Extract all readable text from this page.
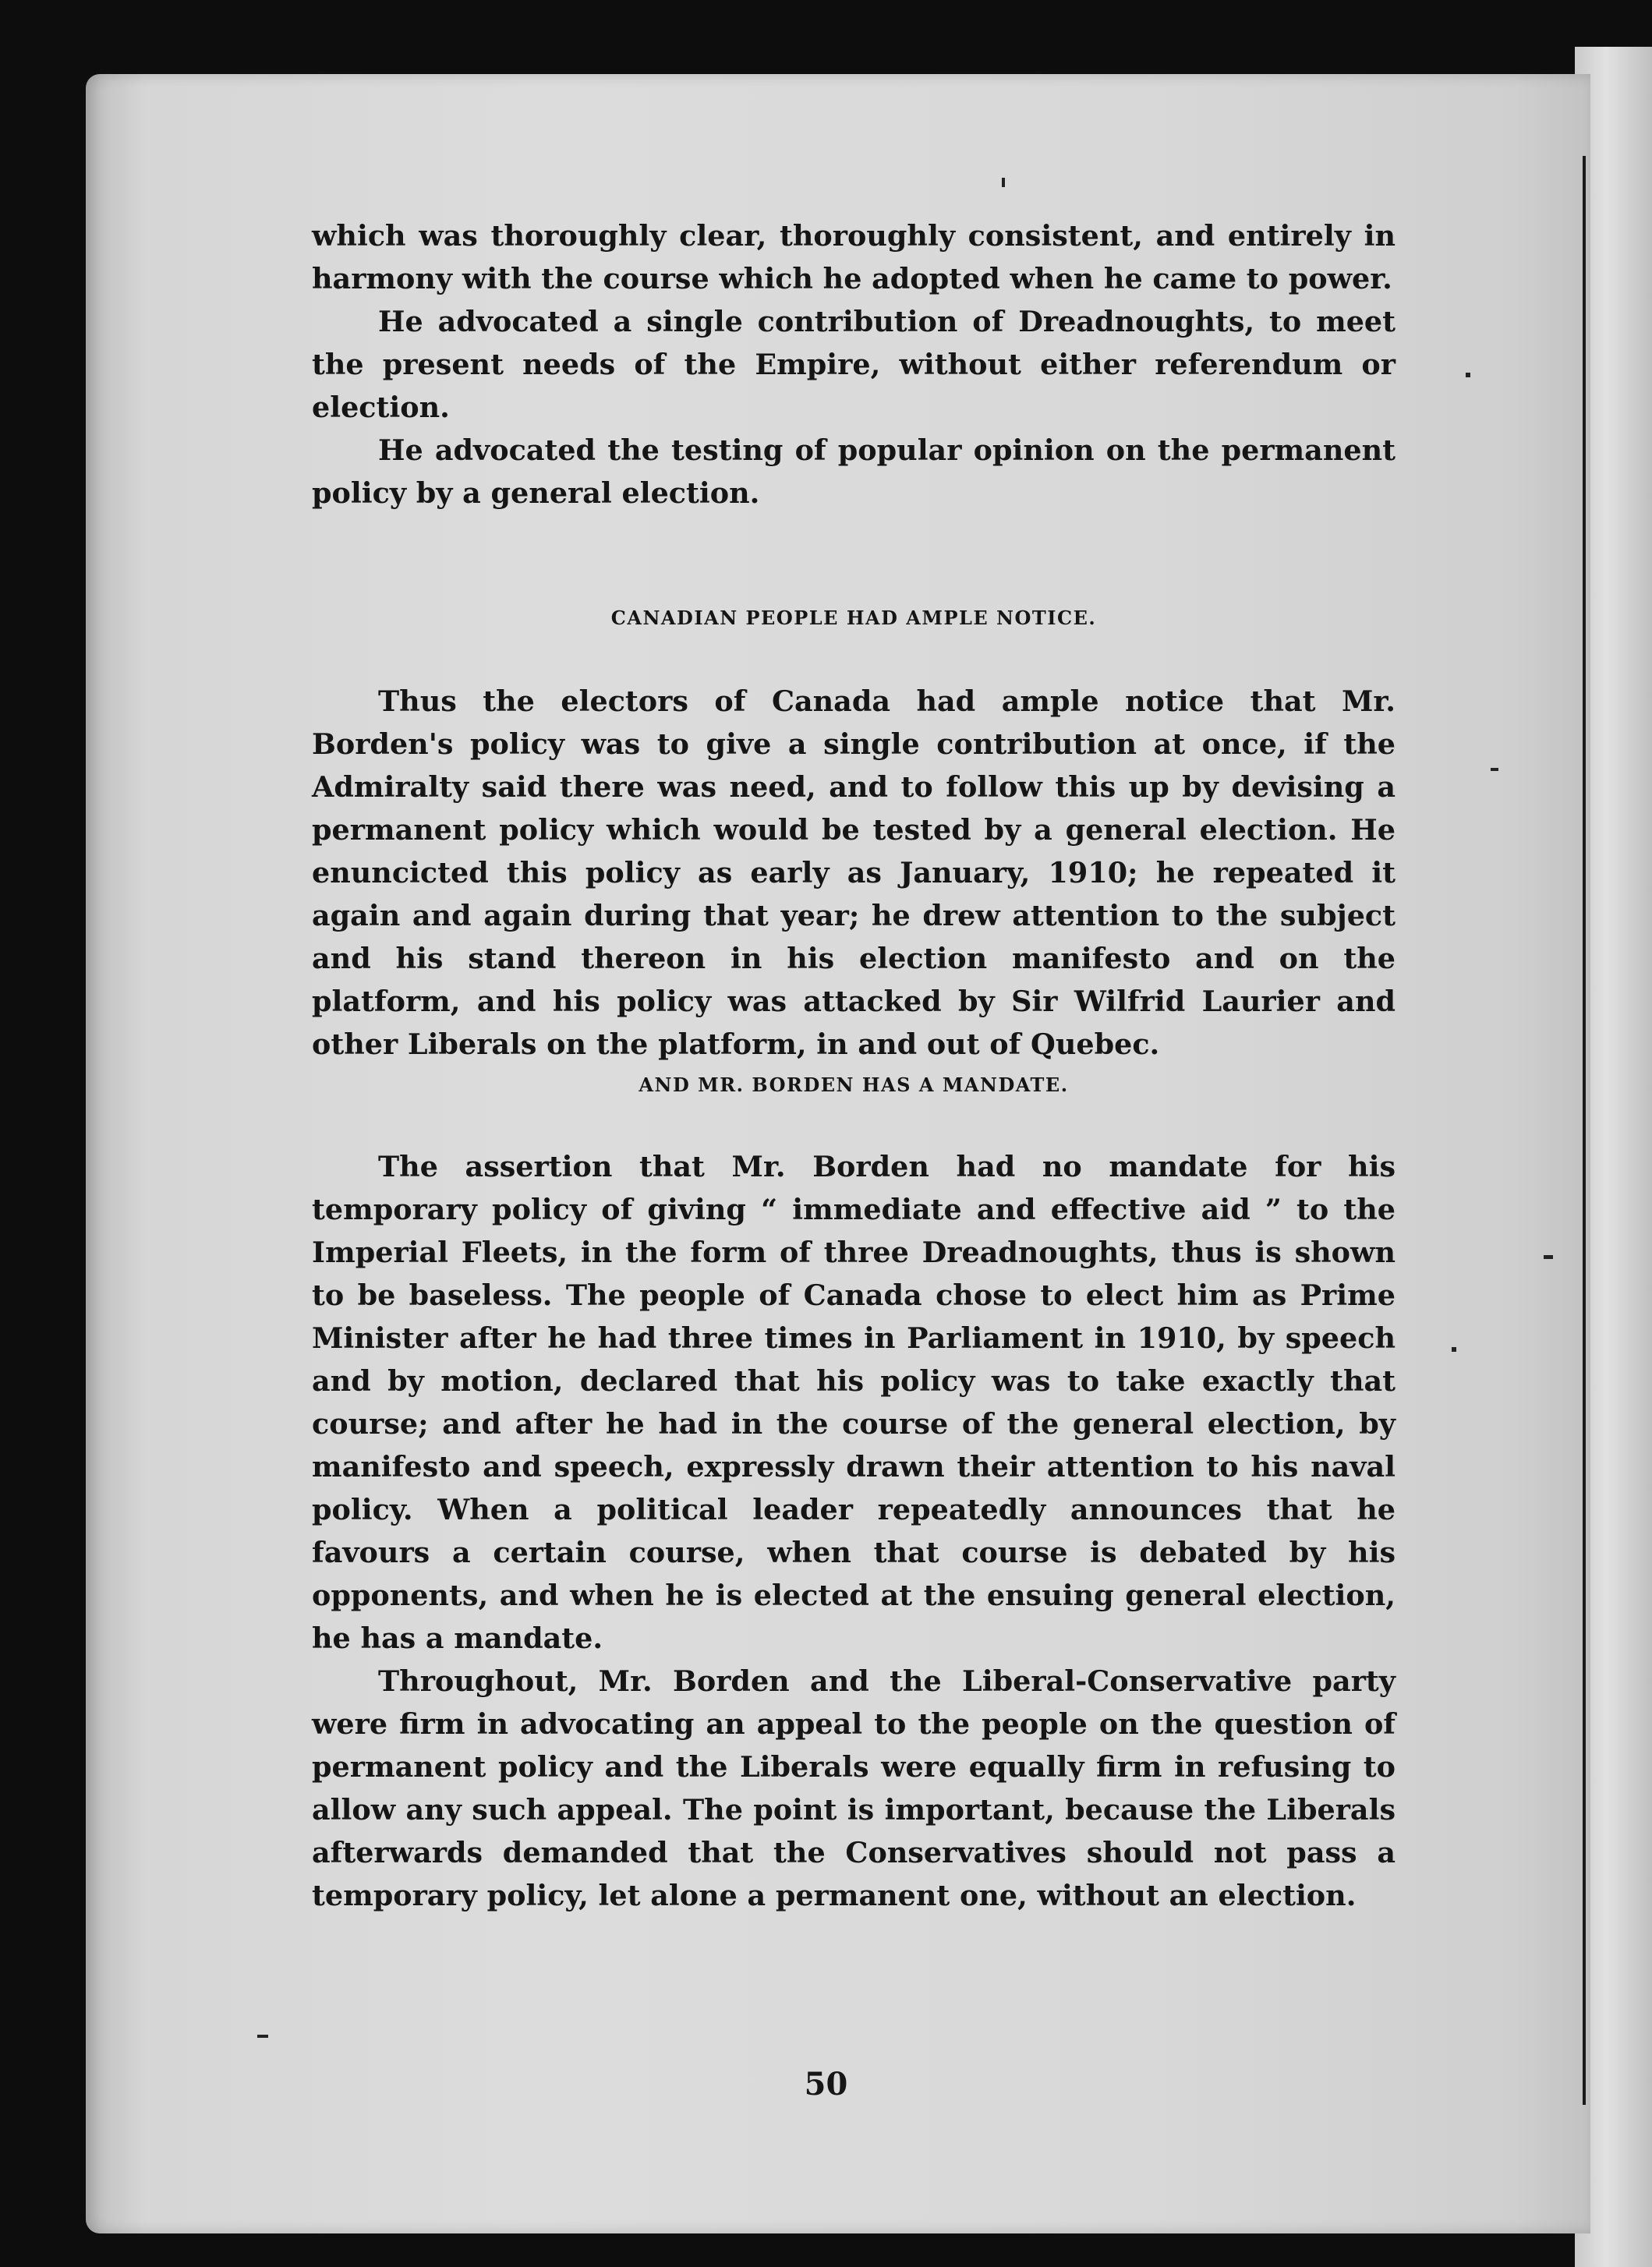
which was thoroughly clear, thoroughly consistent, and entirely in harmony with the course which he adopted when he came to power.

He advocated a single contribution of Dreadnoughts, to meet the present needs of the Empire, without either referendum or election.

He advocated the testing of popular opinion on the permanent policy by a general election.

CANADIAN PEOPLE HAD AMPLE NOTICE.

Thus the electors of Canada had ample notice that Mr. Borden's policy was to give a single contribution at once, if the Admiralty said there was need, and to follow this up by devising a permanent policy which would be tested by a general election. He enuncicted this policy as early as January, 1910; he repeated it again and again during that year; he drew attention to the subject and his stand thereon in his election manifesto and on the platform, and his policy was attacked by Sir Wilfrid Laurier and other Liberals on the platform, in and out of Quebec.

AND MR. BORDEN HAS A MANDATE.

The assertion that Mr. Borden had no mandate for his temporary policy of giving “ immediate and effective aid ” to the Imperial Fleets, in the form of three Dreadnoughts, thus is shown to be baseless. The people of Canada chose to elect him as Prime Minister after he had three times in Parliament in 1910, by speech and by motion, declared that his policy was to take exactly that course; and after he had in the course of the general election, by manifesto and speech, expressly drawn their attention to his naval policy. When a political leader repeatedly announces that he favours a certain course, when that course is debated by his opponents, and when he is elected at the ensuing general election, he has a mandate.

Throughout, Mr. Borden and the Liberal-Conservative party were firm in advocating an appeal to the people on the question of permanent policy and the Liberals were equally firm in refusing to allow any such appeal. The point is important, because the Liberals afterwards demanded that the Conservatives should not pass a temporary policy, let alone a permanent one, without an election.

50
